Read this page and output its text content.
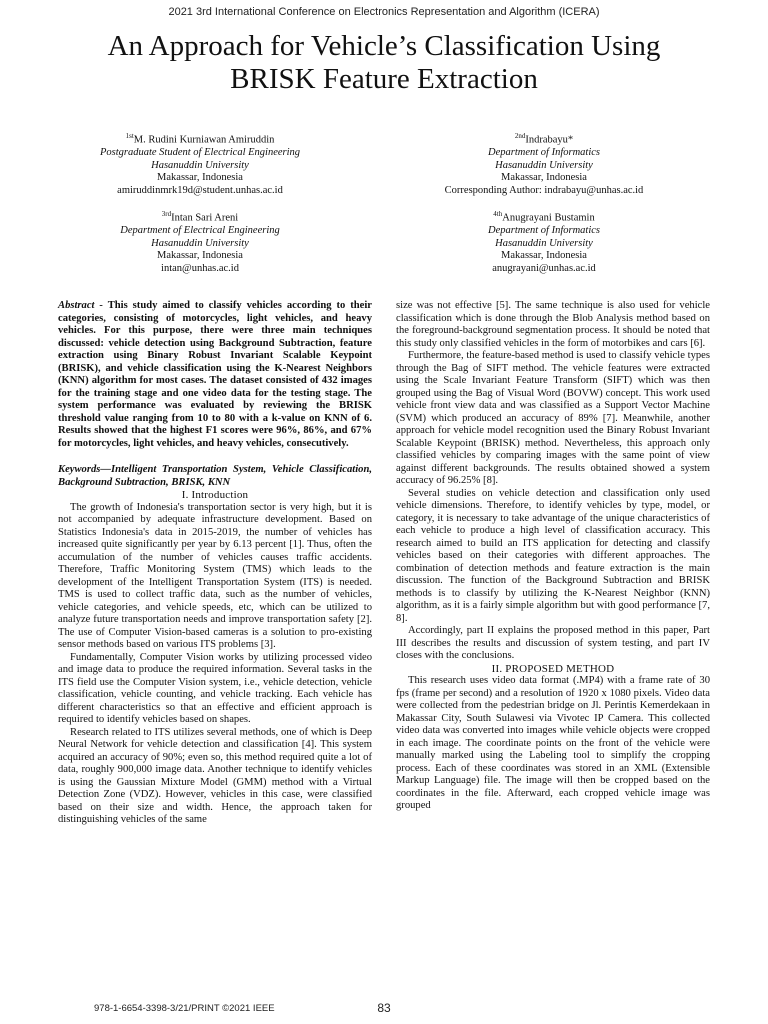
2021 3rd International Conference on Electronics Representation and Algorithm (ICERA)
An Approach for Vehicle’s Classification Using
BRISK Feature Extraction
$^{1st}$M. Rudini Kurniawan Amiruddin
Postgraduate Student of Electrical Engineering
Hasanuddin University
Makassar, Indonesia
amiruddinmrk19d@student.unhas.ac.id
$^{2nd}$Indrabayu*
Department of Informatics
Hasanuddin University
Makassar, Indonesia
Corresponding Author: indrabayu@unhas.ac.id
$^{3rd}$Intan Sari Areni
Department of Electrical Engineering
Hasanuddin University
Makassar, Indonesia
intan@unhas.ac.id
$^{4th}$Anugrayani Bustamin
Department of Informatics
Hasanuddin University
Makassar, Indonesia
anugrayani@unhas.ac.id

Abstract - This study aimed to classify vehicles according to their categories, consisting of motorcycles, light vehicles, and heavy vehicles. For this purpose, there were three main techniques discussed: vehicle detection using Background Subtraction, feature extraction using Binary Robust Invariant Scalable Keypoint (BRISK), and vehicle classification using the K-Nearest Neighbors (KNN) algorithm for most cases. The dataset consisted of 432 images for the training stage and one video data for the testing stage. The system performance was evaluated by reviewing the BRISK threshold value ranging from 10 to 80 with a k-value on KNN of 6. Results showed that the highest F1 scores were 96%, 86%, and 67% for motorcycles, light vehicles, and heavy vehicles, consecutively.

Keywords—Intelligent Transportation System, Vehicle Classification, Background Subtraction, BRISK, KNN

I. Introduction

The growth of Indonesia's transportation sector is very high, but it is not accompanied by adequate infrastructure development. Based on Statistics Indonesia's data in 2015-2019, the number of vehicles has increased quite significantly per year by 6.13 percent [1]. Thus, often the accumulation of the number of vehicles causes traffic accidents. Therefore, Traffic Monitoring System (TMS) which leads to the development of the Intelligent Transportation System (ITS) is needed. TMS is used to collect traffic data, such as the number of vehicles, vehicle categories, and vehicle speeds, etc, which can be utilized to analyze future transportation needs and improve transportation safety [2]. The use of Computer Vision-based cameras is a solution to pro-existing sensor methods based on various ITS problems [3].

Fundamentally, Computer Vision works by utilizing processed video and image data to produce the required information. Several tasks in the ITS field use the Computer Vision system, i.e., vehicle detection, vehicle classification, vehicle counting, and vehicle tracking. Each vehicle has different characteristics so that an effective and efficient approach is required to identify vehicles based on shapes.

Research related to ITS utilizes several methods, one of which is Deep Neural Network for vehicle detection and classification [4]. This system acquired an accuracy of 90%; even so, this method required quite a lot of data, roughly 900,000 image data. Another technique to identify vehicles is using the Gaussian Mixture Model (GMM) method with a Virtual Detection Zone (VDZ). However, vehicles in this case, were classified based on their size and width. Hence, the approach taken for distinguishing vehicles of the same

size was not effective [5]. The same technique is also used for vehicle classification which is done through the Blob Analysis method based on the foreground-background segmentation process. It should be noted that this study only classified vehicles in the form of motorbikes and cars [6].

Furthermore, the feature-based method is used to classify vehicle types through the Bag of SIFT method. The vehicle features were extracted using the Scale Invariant Feature Transform (SIFT) which was then grouped using the Bag of Visual Word (BOVW) concept. This work used vehicle front view data and was classified as a Support Vector Machine (SVM) which produced an accuracy of 89% [7]. Meanwhile, another approach for vehicle model recognition used the Binary Robust Invariant Scalable Keypoint (BRISK) method. Nevertheless, this approach only classified vehicles by comparing images with the same point of view against different backgrounds. The results obtained showed a system accuracy of 96.25% [8].

Several studies on vehicle detection and classification only used vehicle dimensions. Therefore, to identify vehicles by type, model, or category, it is necessary to take advantage of the unique characteristics of each vehicle to produce a high level of classification accuracy. This research aimed to build an ITS application for detecting and classify vehicles based on their categories with different approaches. The combination of detection methods and feature extraction is the main discussion. The function of the Background Subtraction and BRISK methods is to classify by utilizing the K-Nearest Neighbor (KNN) algorithm, as it is a fairly simple algorithm but with good performance [7, 8].

Accordingly, part II explains the proposed method in this paper, Part III describes the results and discussion of system testing, and part IV closes with the conclusions.

II. PROPOSED METHOD

This research uses video data format (.MP4) with a frame rate of 30 fps (frame per second) and a resolution of 1920 x 1080 pixels. Video data were collected from the pedestrian bridge on Jl. Perintis Kemerdekaan in Makassar City, South Sulawesi via Vivotec IP Camera. This collected video data was converted into images while vehicle objects were cropped in each image. The coordinate points on the front of the vehicle were manually marked using the Labeling tool to simplify the cropping process. Each of these coordinates was stored in an XML (Extensible Markup Language) file. The image will then be cropped based on the coordinates in the file. Afterward, each cropped vehicle image was grouped

978-1-6654-3398-3/21/PRINT ©2021 IEEE	83
